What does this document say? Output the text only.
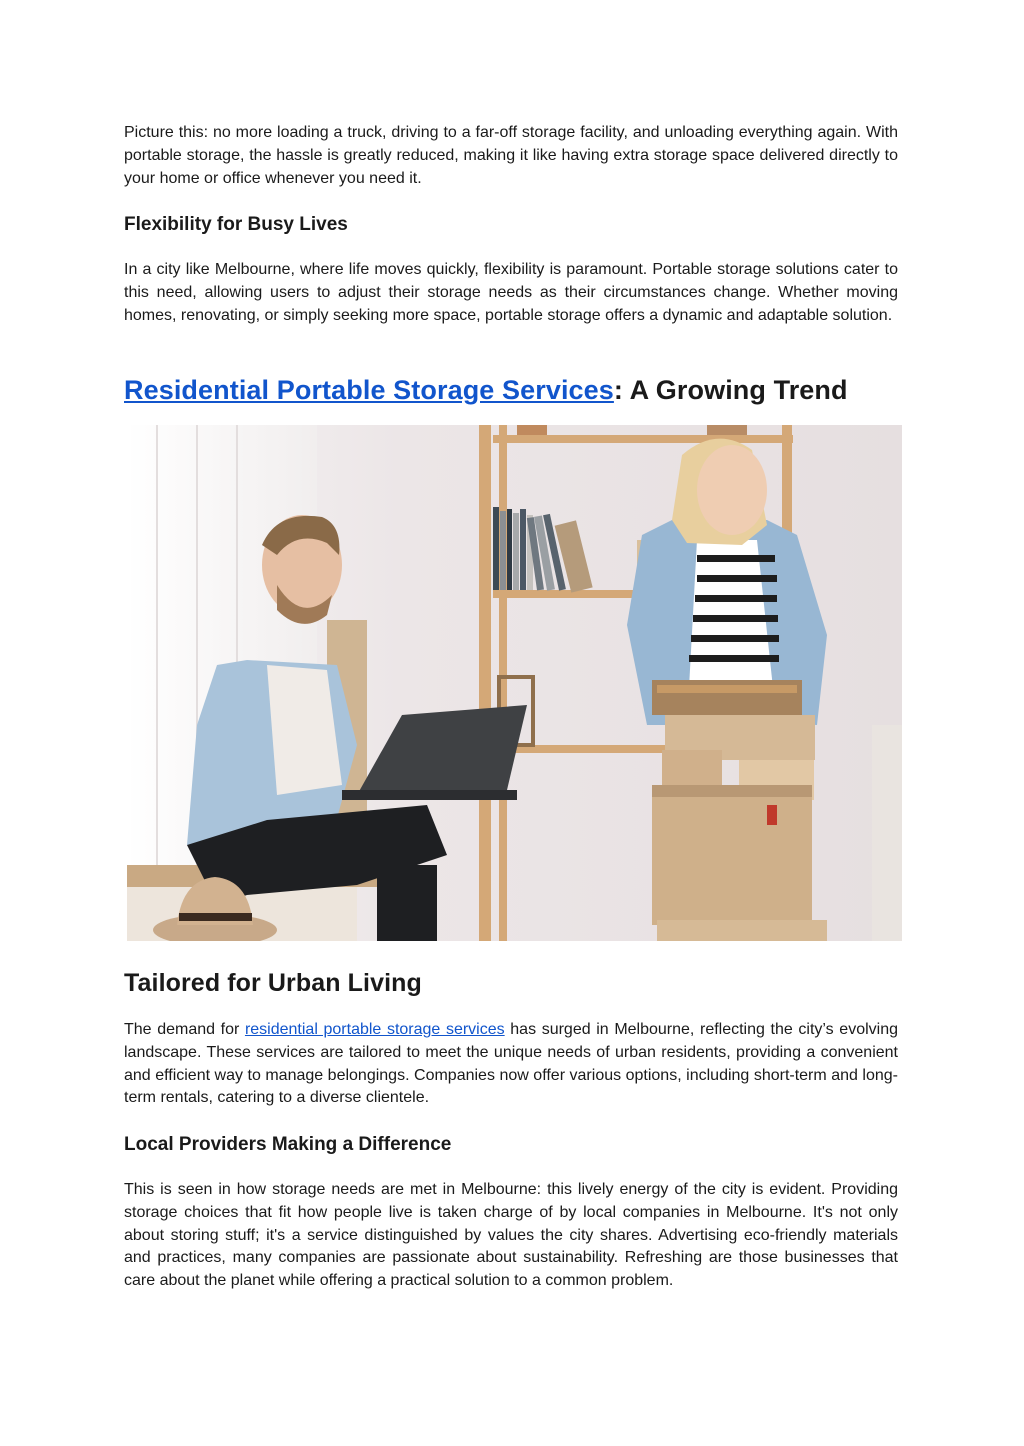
Picture this: no more loading a truck, driving to a far-off storage facility, and unloading everything again. With portable storage, the hassle is greatly reduced, making it like having extra storage space delivered directly to your home or office whenever you need it.

Flexibility for Busy Lives

In a city like Melbourne, where life moves quickly, flexibility is paramount. Portable storage solutions cater to this need, allowing users to adjust their storage needs as their circumstances change. Whether moving homes, renovating, or simply seeking more space, portable storage offers a dynamic and adaptable solution.

Residential Portable Storage Services: A Growing Trend
Tailored for Urban Living

The demand for residential portable storage services has surged in Melbourne, reflecting the city’s evolving landscape. These services are tailored to meet the unique needs of urban residents, providing a convenient and efficient way to manage belongings. Companies now offer various options, including short-term and long-term rentals, catering to a diverse clientele.

Local Providers Making a Difference

This is seen in how storage needs are met in Melbourne: this lively energy of the city is evident. Providing storage choices that fit how people live is taken charge of by local companies in Melbourne. It's not only about storing stuff; it's a service distinguished by values the city shares. Advertising eco-friendly materials and practices, many companies are passionate about sustainability. Refreshing are those businesses that care about the planet while offering a practical solution to a common problem.
